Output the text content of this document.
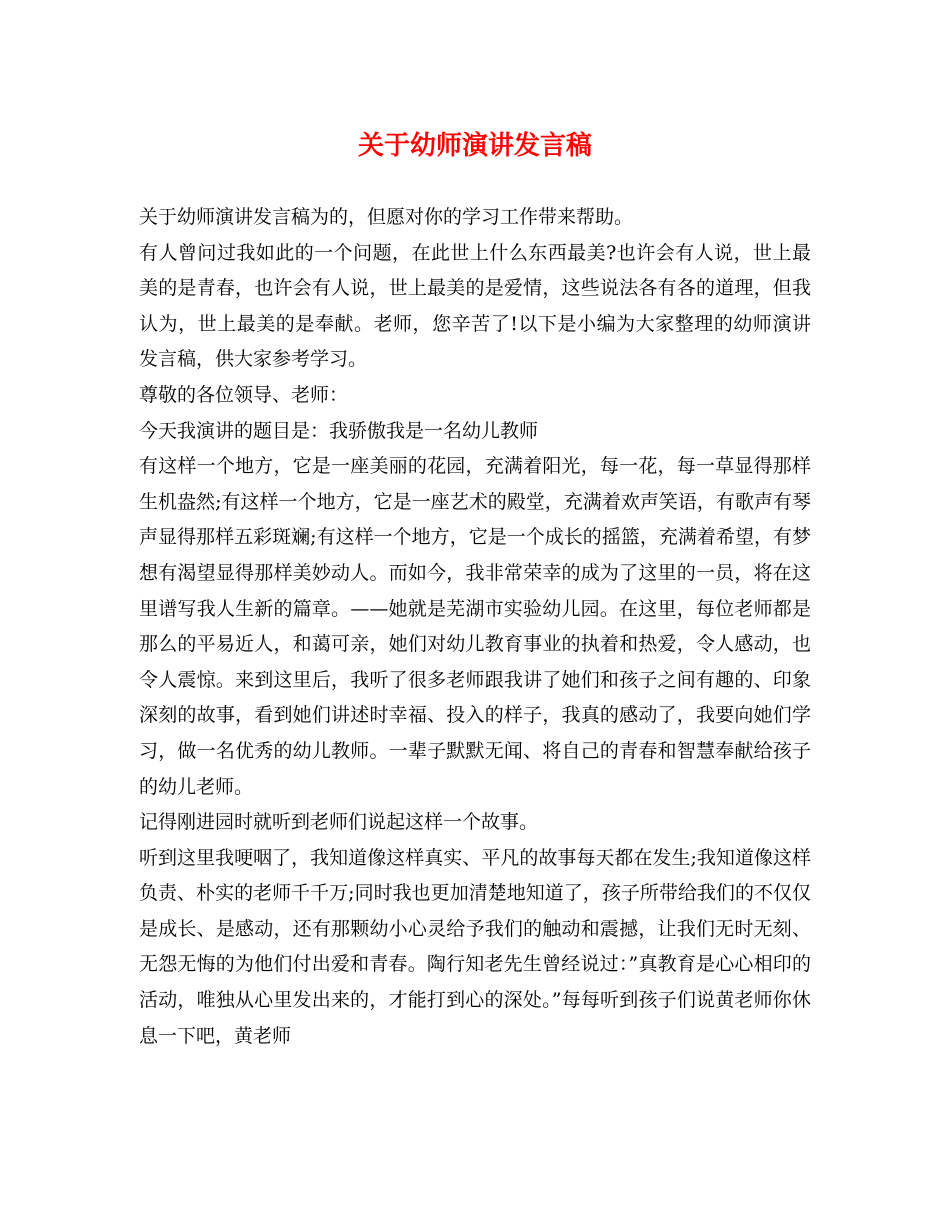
关于幼师演讲发言稿

关于幼师演讲发言稿为的，但愿对你的学习工作带来帮助。

有人曾问过我如此的一个问题，在此世上什么东西最美?也许会有人说，世上最美的是青春，也许会有人说，世上最美的是爱情，这些说法各有各的道理，但我认为，世上最美的是奉献。老师，您辛苦了!以下是小编为大家整理的幼师演讲发言稿，供大家参考学习。

尊敬的各位领导、老师：

今天我演讲的题目是：我骄傲我是一名幼儿教师

有这样一个地方，它是一座美丽的花园，充满着阳光，每一花，每一草显得那样生机盎然;有这样一个地方，它是一座艺术的殿堂，充满着欢声笑语，有歌声有琴声显得那样五彩斑斓;有这样一个地方，它是一个成长的摇篮，充满着希望，有梦想有渴望显得那样美妙动人。而如今，我非常荣幸的成为了这里的一员，将在这里谱写我人生新的篇章。——她就是芜湖市实验幼儿园。在这里，每位老师都是那么的平易近人，和蔼可亲，她们对幼儿教育事业的执着和热爱，令人感动，也令人震惊。来到这里后，我听了很多老师跟我讲了她们和孩子之间有趣的、印象深刻的故事，看到她们讲述时幸福、投入的样子，我真的感动了，我要向她们学习，做一名优秀的幼儿教师。一辈子默默无闻、将自己的青春和智慧奉献给孩子的幼儿老师。

记得刚进园时就听到老师们说起这样一个故事。

听到这里我哽咽了，我知道像这样真实、平凡的故事每天都在发生;我知道像这样负责、朴实的老师千千万;同时我也更加清楚地知道了，孩子所带给我们的不仅仅是成长、是感动，还有那颗幼小心灵给予我们的触动和震撼，让我们无时无刻、无怨无悔的为他们付出爱和青春。陶行知老先生曾经说过：”真教育是心心相印的活动，唯独从心里发出来的，才能打到心的深处。”每每听到孩子们说黄老师你休息一下吧，黄老师
